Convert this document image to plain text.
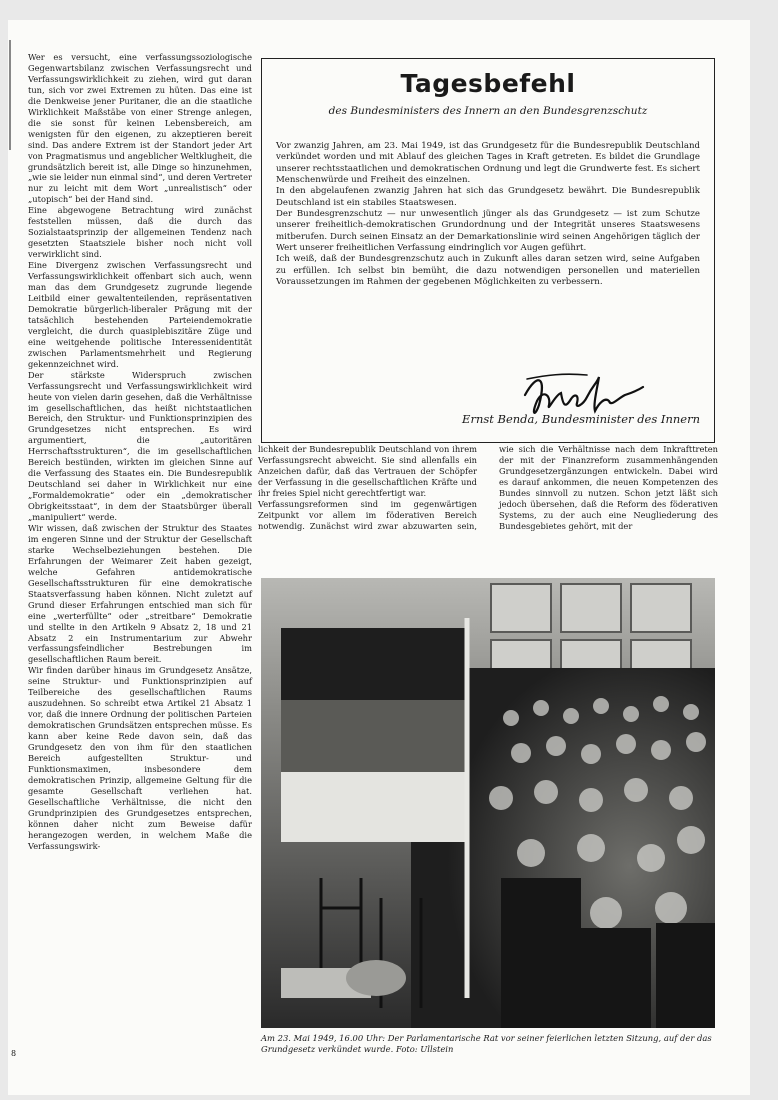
Wer es versucht, eine verfassungssoziologische Gegenwartsbilanz zwischen Verfassungsrecht und Verfassungswirklichkeit zu ziehen, wird gut daran tun, sich vor zwei Extremen zu hüten. Das eine ist die Denkweise jener Puritaner, die an die staatliche Wirklichkeit Maßstäbe von einer Strenge anlegen, die sie sonst für keinen Lebensbereich, am wenigsten für den eigenen, zu akzeptieren bereit sind. Das andere Extrem ist der Standort jeder Art von Pragmatismus und angeblicher Weltklugheit, die grundsätzlich bereit ist, alle Dinge so hinzunehmen, „wie sie leider nun einmal sind“, und deren Vertreter nur zu leicht mit dem Wort „unrealistisch“ oder „utopisch“ bei der Hand sind.

Eine abgewogene Betrachtung wird zunächst feststellen müssen, daß die durch das Sozialstaatsprinzip der allgemeinen Tendenz nach gesetzten Staatsziele bisher noch nicht voll verwirklicht sind.

Eine Divergenz zwischen Verfassungsrecht und Verfassungswirklichkeit offenbart sich auch, wenn man das dem Grundgesetz zugrunde liegende Leitbild einer gewaltenteilenden, repräsentativen Demokratie bürgerlich-liberaler Prägung mit der tatsächlich bestehenden Parteiendemokratie vergleicht, die durch quasiplebiszitäre Züge und eine weitgehende politische Interessenidentität zwischen Parlamentsmehrheit und Regierung gekennzeichnet wird.

Der stärkste Widerspruch zwischen Verfassungsrecht und Verfassungswirklichkeit wird heute von vielen darin gesehen, daß die Verhältnisse im gesellschaftlichen, das heißt nichtstaatlichen Bereich, den Struktur- und Funktionsprinzipien des Grundgesetzes nicht entsprechen. Es wird argumentiert, die „autoritären Herrschaftsstrukturen“, die im gesellschaftlichen Bereich bestünden, wirkten im gleichen Sinne auf die Verfassung des Staates ein. Die Bundesrepublik Deutschland sei daher in Wirklichkeit nur eine „Formaldemokratie“ oder ein „demokratischer Obrigkeitsstaat“, in dem der Staatsbürger überall „manipuliert“ werde.

Wir wissen, daß zwischen der Struktur des Staates im engeren Sinne und der Struktur der Gesellschaft starke Wechselbeziehungen bestehen. Die Erfahrungen der Weimarer Zeit haben gezeigt, welche Gefahren antidemokratische Gesellschaftsstrukturen für eine demokratische Staatsverfassung haben können. Nicht zuletzt auf Grund dieser Erfahrungen entschied man sich für eine „werterfüllte“ oder „streitbare“ Demokratie und stellte in den Artikeln 9 Absatz 2, 18 und 21 Absatz 2 ein Instrumentarium zur Abwehr verfassungsfeindlicher Bestrebungen im gesellschaftlichen Raum bereit.

Wir finden darüber hinaus im Grundgesetz Ansätze, seine Struktur- und Funktionsprinzipien auf Teilbereiche des gesellschaftlichen Raums auszudehnen. So schreibt etwa Artikel 21 Absatz 1 vor, daß die innere Ordnung der politischen Parteien demokratischen Grundsätzen entsprechen müsse. Es kann aber keine Rede davon sein, daß das Grundgesetz den von ihm für den staatlichen Bereich aufgestellten Struktur- und Funktionsmaximen, insbesondere dem demokratischen Prinzip, allgemeine Geltung für die gesamte Gesellschaft verliehen hat. Gesellschaftliche Verhältnisse, die nicht den Grundprinzipien des Grundgesetzes entsprechen, können daher nicht zum Beweise dafür herangezogen werden, in welchem Maße die Verfassungswirk-

Tagesbefehl
des Bundesministers des Innern an den Bundesgrenzschutz

Vor zwanzig Jahren, am 23. Mai 1949, ist das Grundgesetz für die Bundesrepublik Deutschland verkündet worden und mit Ablauf des gleichen Tages in Kraft getreten. Es bildet die Grundlage unserer rechtsstaatlichen und demokratischen Ordnung und legt die Grundwerte fest. Es sichert Menschenwürde und Freiheit des einzelnen.

In den abgelaufenen zwanzig Jahren hat sich das Grundgesetz bewährt. Die Bundesrepublik Deutschland ist ein stabiles Staatswesen.

Der Bundesgrenzschutz — nur unwesentlich jünger als das Grundgesetz — ist zum Schutze unserer freiheitlich-demokratischen Grundordnung und der Integrität unseres Staatswesens mitberufen. Durch seinen Einsatz an der Demarkationslinie wird seinen Angehörigen täglich der Wert unserer freiheitlichen Verfassung eindringlich vor Augen geführt.

Ich weiß, daß der Bundesgrenzschutz auch in Zukunft alles daran setzen wird, seine Aufgaben zu erfüllen. Ich selbst bin bemüht, die dazu notwendigen personellen und materiellen Voraussetzungen im Rahmen der gegebenen Möglichkeiten zu verbessern.

Ernst Benda, Bundesminister des Innern

lichkeit der Bundesrepublik Deutschland von ihrem Verfassungsrecht abweicht. Sie sind allenfalls ein Anzeichen dafür, daß das Vertrauen der Schöpfer der Verfassung in die gesellschaftlichen Kräfte und ihr freies Spiel nicht gerechtfertigt war.

Verfassungsreformen sind im gegenwärtigen Zeitpunkt vor allem im föderativen Bereich notwendig. Zunächst wird zwar abzuwarten sein, wie sich die Verhältnisse nach dem Inkrafttreten der mit der Finanzreform zusammenhängenden Grundgesetzergänzungen entwickeln. Dabei wird es darauf ankommen, die neuen Kompetenzen des Bundes sinnvoll zu nutzen. Schon jetzt läßt sich jedoch übersehen, daß die Reform des föderativen Systems, zu der auch eine Neugliederung des Bundesgebietes gehört, mit der

Am 23. Mai 1949, 16.00 Uhr: Der Parlamentarische Rat vor seiner feierlichen letzten Sitzung, auf der das Grundgesetz verkündet wurde. Foto: Ullstein
8
